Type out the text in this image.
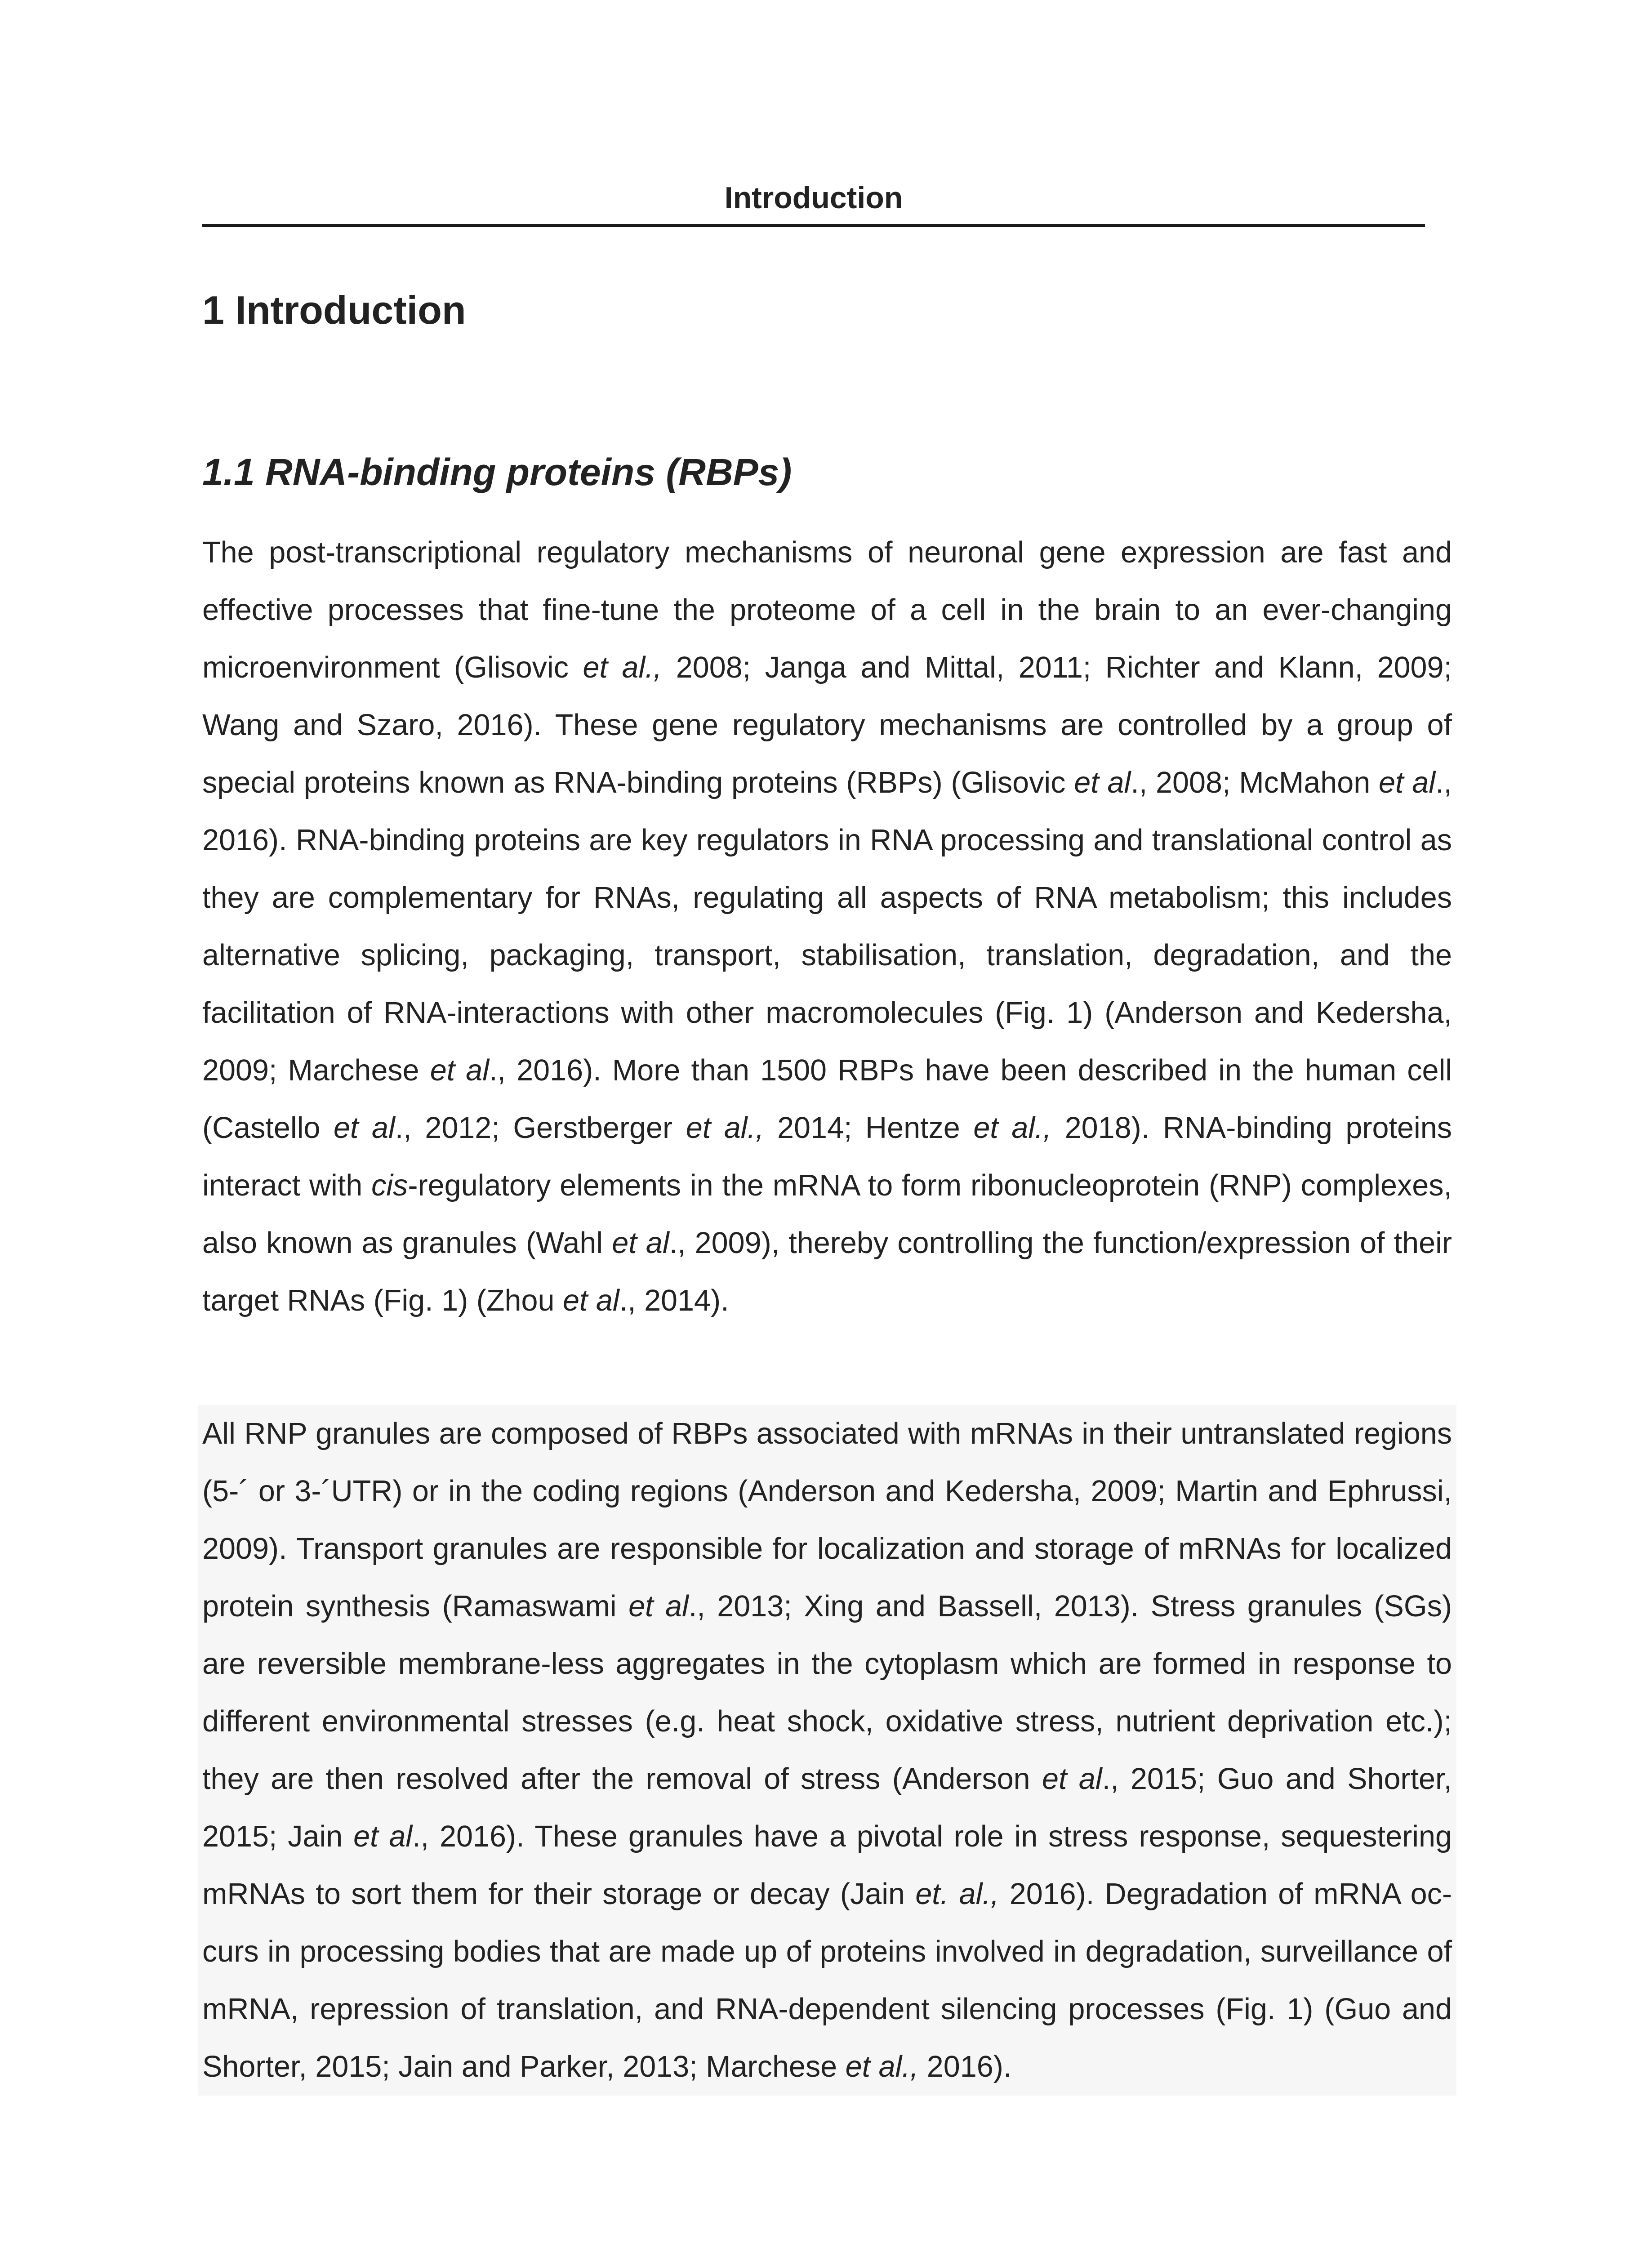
Introduction
1 Introduction
1.1 RNA-binding proteins (RBPs)

The post-transcriptional regulatory mechanisms of neuronal gene expression are fast and effective processes that fine-tune the proteome of a cell in the brain to an ever-changing microenvironment (Glisovic et al., 2008; Janga and Mittal, 2011; Richter and Klann, 2009; Wang and Szaro, 2016). These gene regulatory mechanisms are controlled by a group of special proteins known as RNA-binding proteins (RBPs) (Glisovic et al., 2008; McMahon et al., 2016). RNA-binding proteins are key regulators in RNA processing and translational control as they are complementary for RNAs, regulating all aspects of RNA metabolism; this includes alternative splicing, packaging, transport, stabilisation, translation, degradation, and the facilitation of RNA-interactions with other macromolecules (Fig. 1) (Anderson and Kedersha, 2009; Marchese et al., 2016). More than 1500 RBPs have been described in the human cell (Castello et al., 2012; Gerstberger et al., 2014; Hentze et al., 2018). RNA-binding proteins interact with cis-regulatory elements in the mRNA to form ribonucleoprotein (RNP) complexes, also known as granules (Wahl et al., 2009), thereby controlling the function/expression of their target RNAs (Fig. 1) (Zhou et al., 2014).

All RNP granules are composed of RBPs associated with mRNAs in their untranslated regions (5-´ or 3-´UTR) or in the coding regions (Anderson and Kedersha, 2009; Martin and Ephrussi, 2009). Transport granules are responsible for localization and storage of mRNAs for localized protein synthesis (Ramaswami et al., 2013; Xing and Bassell, 2013). Stress granules (SGs) are reversible membrane-less aggregates in the cytoplasm which are formed in response to different environmental stresses (e.g. heat shock, oxidative stress, nutrient deprivation etc.); they are then resolved after the removal of stress (Anderson et al., 2015; Guo and Shorter, 2015; Jain et al., 2016). These granules have a pivotal role in stress response, sequestering mRNAs to sort them for their storage or decay (Jain et. al., 2016). Degradation of mRNA occurs in processing bodies that are made up of proteins involved in degradation, surveillance of mRNA, repression of translation, and RNA-dependent silencing processes (Fig. 1) (Guo and Shorter, 2015; Jain and Parker, 2013; Marchese et al., 2016).
